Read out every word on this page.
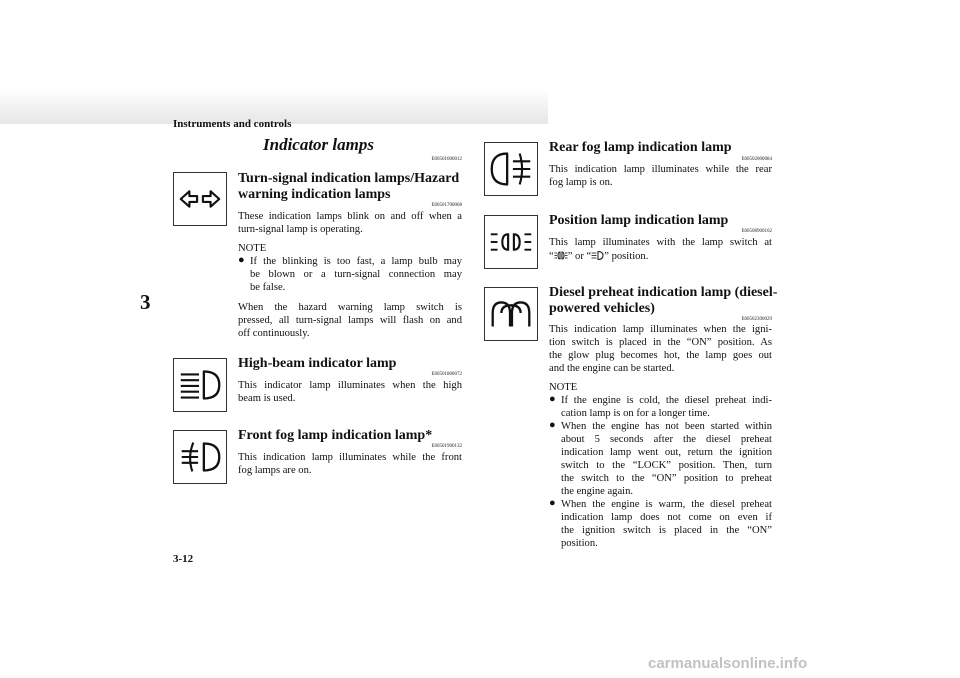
Instruments and controls

3
Indicator lamps
E00501600012
Turn-signal indication lamps/Hazard
warning indication lamps
E00501700068

These indication lamps blink on and off when a

turn-signal lamp is operating.

NOTE

● If the blinking is too fast, a lamp bulb may

be blown or a turn-signal connection may

be false.

When the hazard warning lamp switch is

pressed, all turn-signal lamps will flash on and

off continuously.

High-beam indicator lamp
E00501800072

This indicator lamp illuminates when the high

beam is used.

Front fog lamp indication lamp*
E00501900132

This indication lamp illuminates while the front

fog lamps are on.

Rear fog lamp indication lamp
E00502000084

This indication lamp illuminates while the rear

fog lamp is on.

Position lamp indication lamp
E00508900102

This lamp illuminates with the lamp switch at

“ ” or “ ” position.

Diesel preheat indication lamp (diesel-
powered vehicles)
E00502300029

This indication lamp illuminates when the igni-

tion switch is placed in the “ON” position. As

the glow plug becomes hot, the lamp goes out

and the engine can be started.

NOTE

● If the engine is cold, the diesel preheat indi-

cation lamp is on for a longer time.

● When the engine has not been started within

about 5 seconds after the diesel preheat

indication lamp went out, return the ignition

switch to the “LOCK” position. Then, turn

the switch to the “ON” position to preheat

the engine again.

● When the engine is warm, the diesel preheat

indication lamp does not come on even if

the ignition switch is placed in the “ON”

position.

3-12
carmanualsonline.info
